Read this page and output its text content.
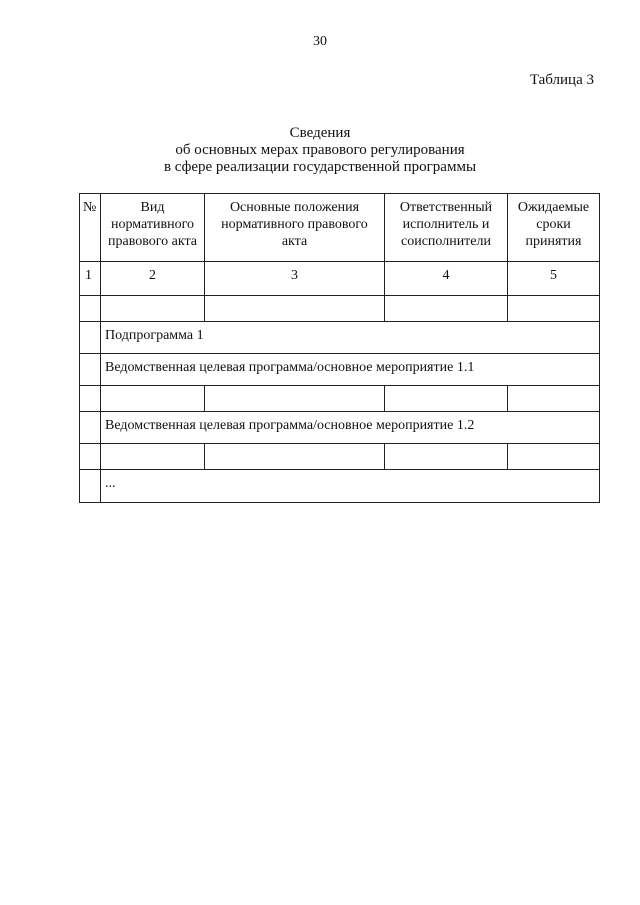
30
Таблица 3
Сведения
об основных мерах правового регулирования
в сфере реализации государственной программы
№	Вид нормативного правового акта	Основные положения нормативного правового акта	Ответственный исполнитель и соисполнители	Ожидаемые сроки принятия
1	2	3	4	5

	Подпрограмма 1			
	Ведомственная целевая программа/основное мероприятие 1.1			

	Ведомственная целевая программа/основное мероприятие 1.2			

	...			
